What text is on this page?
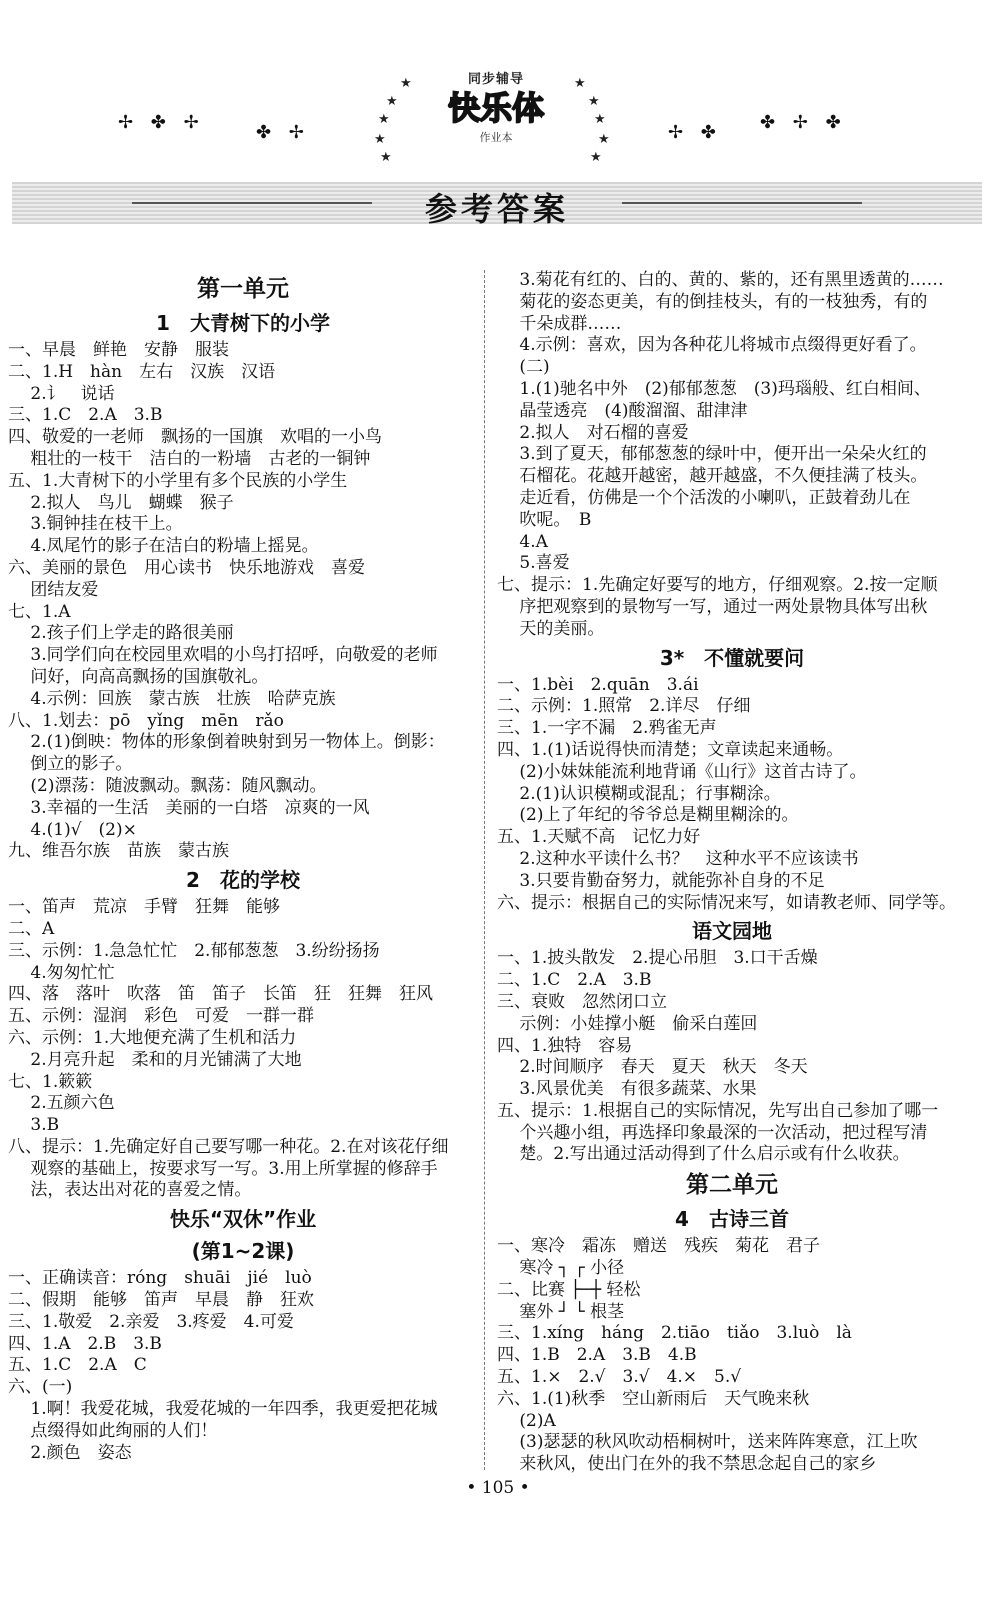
✢ ✤ ✢	✤ ✢	✢ ✤ ✤ ✢ ✤
★
★
★
★
★	★
★
★
★
★
同步辅导
快乐体
作业本
参考答案
第一单元
1　大青树下的小学
一、早晨　鲜艳　安静　服装
二、1.H　hàn　左右　汉族　汉语
　 2.讠　说话
三、1.C　2.A　3.B
四、敬爱的一老师　飘扬的一国旗　欢唱的一小鸟
　 粗壮的一枝干　洁白的一粉墙　古老的一铜钟
五、1.大青树下的小学里有多个民族的小学生
　 2.拟人　鸟儿　蝴蝶　猴子
　 3.铜钟挂在枝干上。
　 4.凤尾竹的影子在洁白的粉墙上摇晃。
六、美丽的景色　用心读书　快乐地游戏　喜爱
　 团结友爱
七、1.A
　 2.孩子们上学走的路很美丽
　 3.同学们向在校园里欢唱的小鸟打招呼，向敬爱的老师
　 问好，向高高飘扬的国旗敬礼。
　 4.示例：回族　蒙古族　壮族　哈萨克族
八、1.划去：pō　yǐng　mēn　rǎo
　 2.(1)倒映：物体的形象倒着映射到另一物体上。倒影：
　 倒立的影子。
　 (2)漂荡：随波飘动。飘荡：随风飘动。
　 3.幸福的一生活　美丽的一白塔　凉爽的一风
　 4.(1)√　(2)×
九、维吾尔族　苗族　蒙古族
2　花的学校
一、笛声　荒凉　手臂　狂舞　能够
二、A
三、示例：1.急急忙忙　2.郁郁葱葱　3.纷纷扬扬
　 4.匆匆忙忙
四、落　落叶　吹落　笛　笛子　长笛　狂　狂舞　狂风
五、示例：湿润　彩色　可爱　一群一群
六、示例：1.大地便充满了生机和活力
　 2.月亮升起　柔和的月光铺满了大地
七、1.簌簌
　 2.五颜六色
　 3.B
八、提示：1.先确定好自己要写哪一种花。2.在对该花仔细
　 观察的基础上，按要求写一写。3.用上所掌握的修辞手
　 法，表达出对花的喜爱之情。
快乐“双休”作业
(第1~2课)
一、正确读音：róng　shuāi　jié　luò
二、假期　能够　笛声　早晨　静　狂欢
三、1.敬爱　2.亲爱　3.疼爱　4.可爱
四、1.A　2.B　3.B
五、1.C　2.A　C
六、(一)
　 1.啊！我爱花城，我爱花城的一年四季，我更爱把花城
　 点缀得如此绚丽的人们！
　 2.颜色　姿态
　 3.菊花有红的、白的、黄的、紫的，还有黑里透黄的……
　 菊花的姿态更美，有的倒挂枝头，有的一枝独秀，有的
　 千朵成群……
　 4.示例：喜欢，因为各种花儿将城市点缀得更好看了。
　 (二)
　 1.(1)驰名中外　(2)郁郁葱葱　(3)玛瑙般、红白相间、
　 晶莹透亮　(4)酸溜溜、甜津津
　 2.拟人　对石榴的喜爱
　 3.到了夏天，郁郁葱葱的绿叶中，便开出一朵朵火红的
　 石榴花。花越开越密，越开越盛，不久便挂满了枝头。
　 走近看，仿佛是一个个活泼的小喇叭，正鼓着劲儿在
　 吹呢。　B
　 4.A
　 5.喜爱
七、提示：1.先确定好要写的地方，仔细观察。2.按一定顺
　 序把观察到的景物写一写，通过一两处景物具体写出秋
　 天的美丽。
3*　不懂就要问
一、1.bèi　2.quān　3.ái
二、示例：1.照常　2.详尽　仔细
三、1.一字不漏　2.鸦雀无声
四、1.(1)话说得快而清楚；文章读起来通畅。
　 (2)小妹妹能流利地背诵《山行》这首古诗了。
　 2.(1)认识模糊或混乱；行事糊涂。
　 (2)上了年纪的爷爷总是糊里糊涂的。
五、1.天赋不高　记忆力好
　 2.这种水平读什么书？　这种水平不应该读书
　 3.只要肯勤奋努力，就能弥补自身的不足
六、提示：根据自己的实际情况来写，如请教老师、同学等。
语文园地
一、1.披头散发　2.提心吊胆　3.口干舌燥
二、1.C　2.A　3.B
三、衰败　忽然闭口立
　 示例：小娃撑小艇　偷采白莲回
四、1.独特　容易
　 2.时间顺序　春天　夏天　秋天　冬天
　 3.风景优美　有很多蔬菜、水果
五、提示：1.根据自己的实际情况，先写出自己参加了哪一
　 个兴趣小组，再选择印象最深的一次活动，把过程写清
　 楚。2.写出通过活动得到了什么启示或有什么收获。
第二单元
4　古诗三首
一、寒冷　霜冻　赠送　残疾　菊花　君子
　 寒冷 ┐ ┌ 小径
二、比赛 ├─┼ 轻松
　 塞外 ┘ └ 根茎
三、1.xíng　háng　2.tiāo　tiǎo　3.luò　là
四、1.B　2.A　3.B　4.B
五、1.×　2.√　3.√　4.×　5.√
六、1.(1)秋季　空山新雨后　天气晚来秋
　 (2)A
　 (3)瑟瑟的秋风吹动梧桐树叶，送来阵阵寒意，江上吹
　 来秋风，使出门在外的我不禁思念起自己的家乡
• 105 •
